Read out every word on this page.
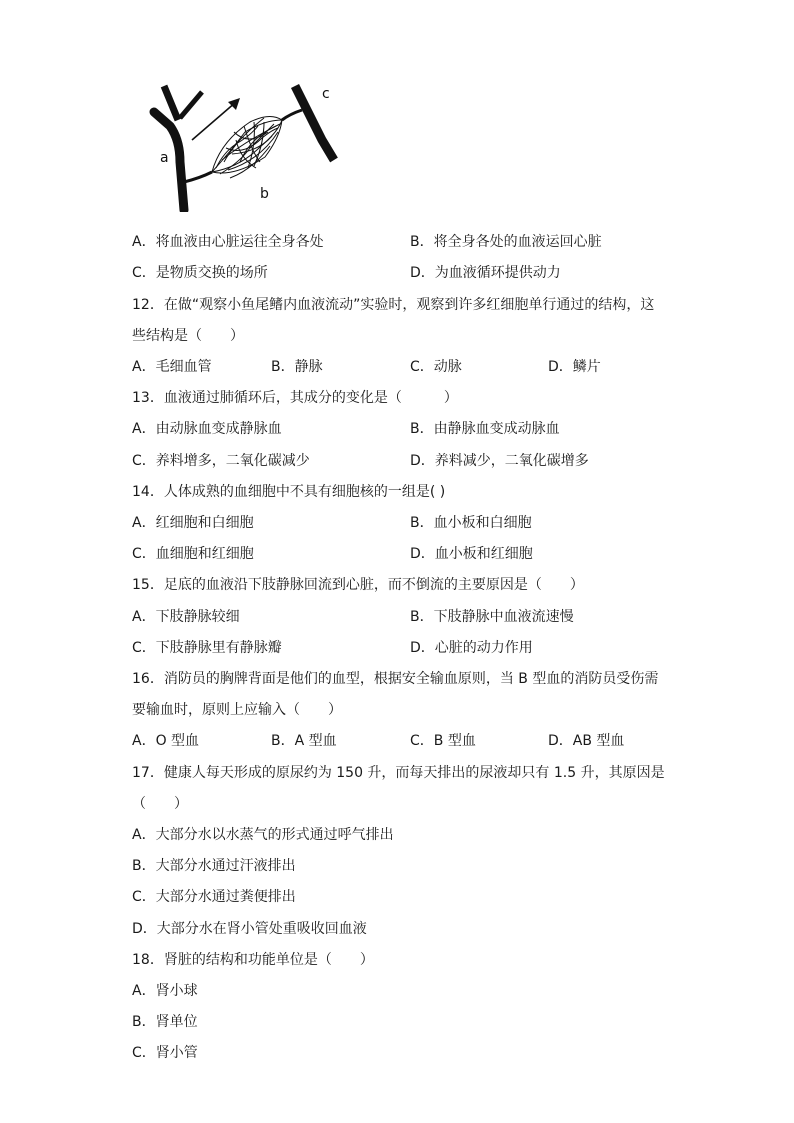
a
b
c
A．将血液由心脏运往全身各处	B．将全身各处的血液运回心脏
C．是物质交换的场所	D．为血液循环提供动力
12．在做“观察小鱼尾鳍内血液流动”实验时，观察到许多红细胞单行通过的结构，这
些结构是（　　）
A．毛细血管	B．静脉	C．动脉	D．鳞片
13．血液通过肺循环后，其成分的变化是（　　　）
A．由动脉血变成静脉血	B．由静脉血变成动脉血
C．养料增多，二氧化碳减少	D．养料减少，二氧化碳增多
14．人体成熟的血细胞中不具有细胞核的一组是( )
A．红细胞和白细胞	B．血小板和白细胞
C．血细胞和红细胞	D．血小板和红细胞
15．足底的血液沿下肢静脉回流到心脏，而不倒流的主要原因是（　　）
A．下肢静脉较细	B．下肢静脉中血液流速慢
C．下肢静脉里有静脉瓣	D．心脏的动力作用
16．消防员的胸牌背面是他们的血型，根据安全输血原则，当 B 型血的消防员受伤需
要输血时，原则上应输入（　　）
A．O 型血	B．A 型血	C．B 型血	D．AB 型血
17．健康人每天形成的原尿约为 150 升，而每天排出的尿液却只有 1.5 升，其原因是
（　　）
A．大部分水以水蒸气的形式通过呼气排出
B．大部分水通过汗液排出
C．大部分水通过粪便排出
D．大部分水在肾小管处重吸收回血液
18．肾脏的结构和功能单位是（　　）
A．肾小球
B．肾单位
C．肾小管
